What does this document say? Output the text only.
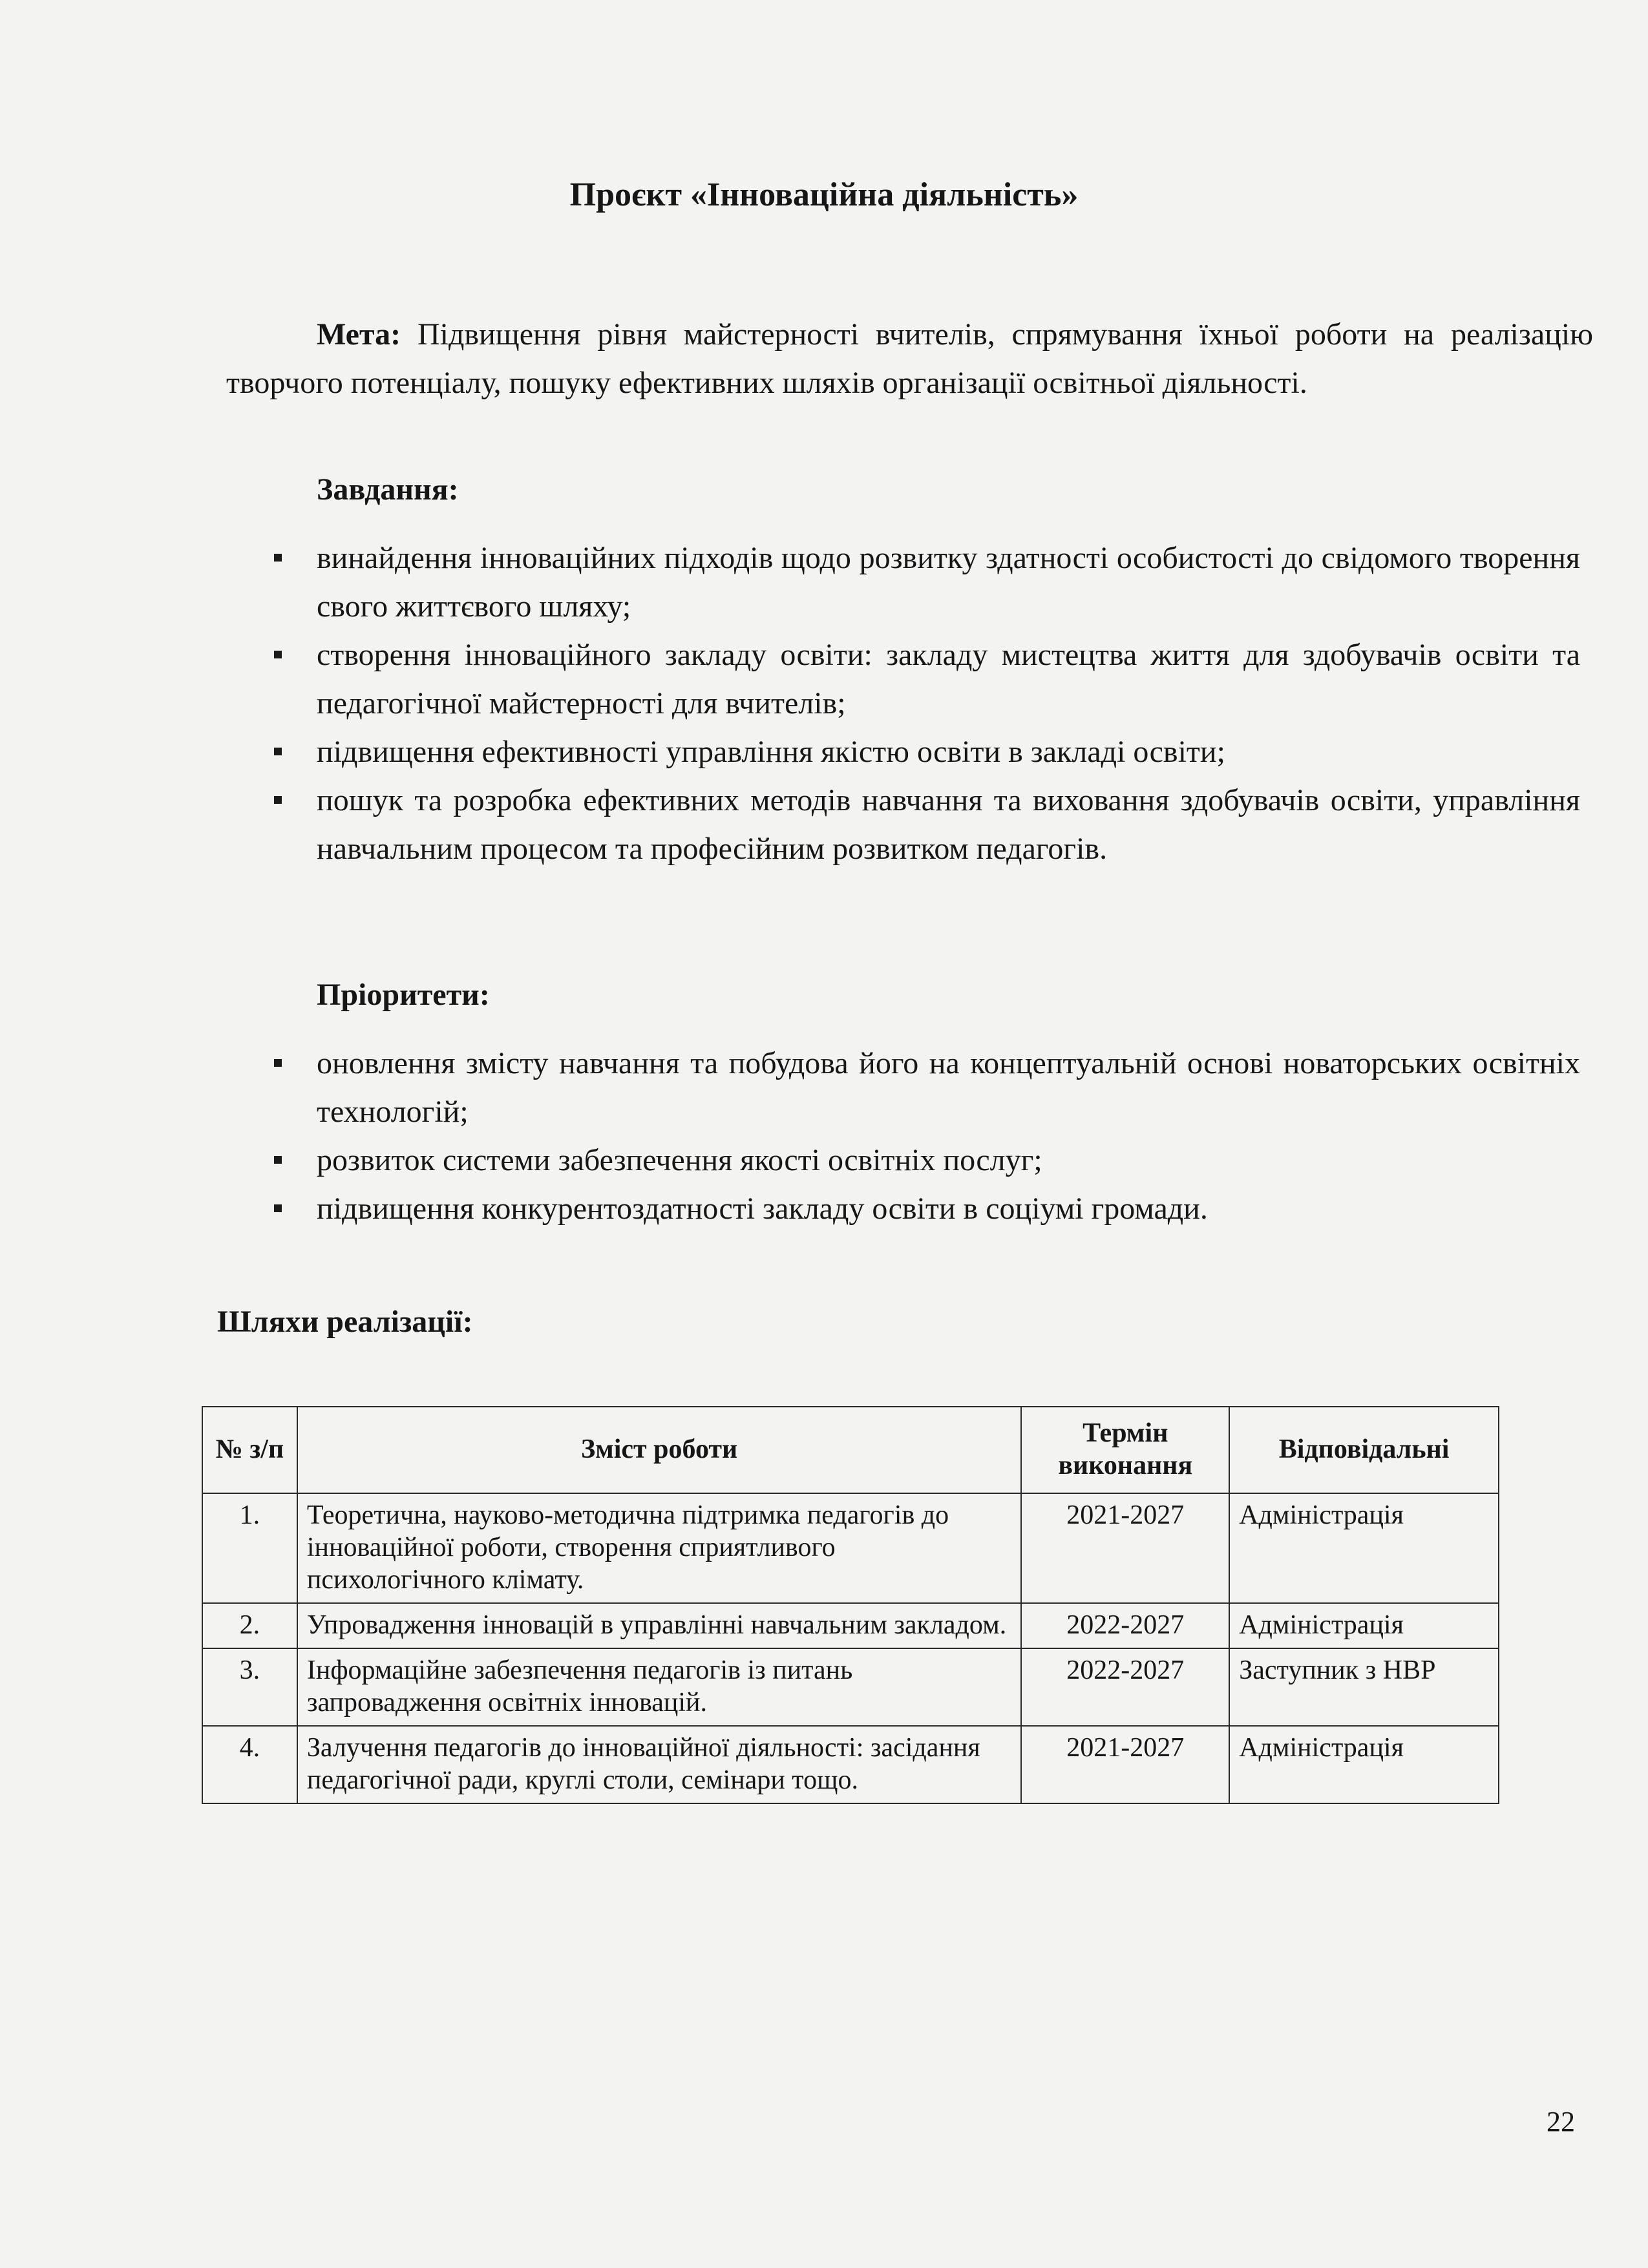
Проєкт «Інноваційна діяльність»

Мета: Підвищення рівня майстерності вчителів, спрямування їхньої роботи на реалізацію творчого потенціалу, пошуку ефективних шляхів організації освітньої діяльності.

Завдання:

винайдення інноваційних підходів щодо розвитку здатності особистості до свідомого творення свого життєвого шляху;
створення інноваційного закладу освіти: закладу мистецтва життя для здобувачів освіти та педагогічної майстерності для вчителів;
підвищення ефективності управління якістю освіти в закладі освіти;
пошук та розробка ефективних методів навчання та виховання здобувачів освіти, управління навчальним процесом та професійним розвитком педагогів.

Пріоритети:

оновлення змісту навчання та побудова його на концептуальній основі новаторських освітніх технологій;
розвиток системи забезпечення якості освітніх послуг;
підвищення конкурентоздатності закладу освіти в соціумі громади.

Шляхи реалізації:

№ з/п	Зміст роботи	Термін виконання	Відповідальні
1.	Теоретична, науково-методична підтримка педагогів до інноваційної роботи, створення сприятливого психологічного клімату.	2021-2027	Адміністрація
2.	Упровадження інновацій в управлінні навчальним закладом.	2022-2027	Адміністрація
3.	Інформаційне забезпечення педагогів із питань запровадження освітніх інновацій.	2022-2027	Заступник з НВР
4.	Залучення педагогів до інноваційної діяльності: засідання педагогічної ради, круглі столи, семінари тощо.	2021-2027	Адміністрація

22
